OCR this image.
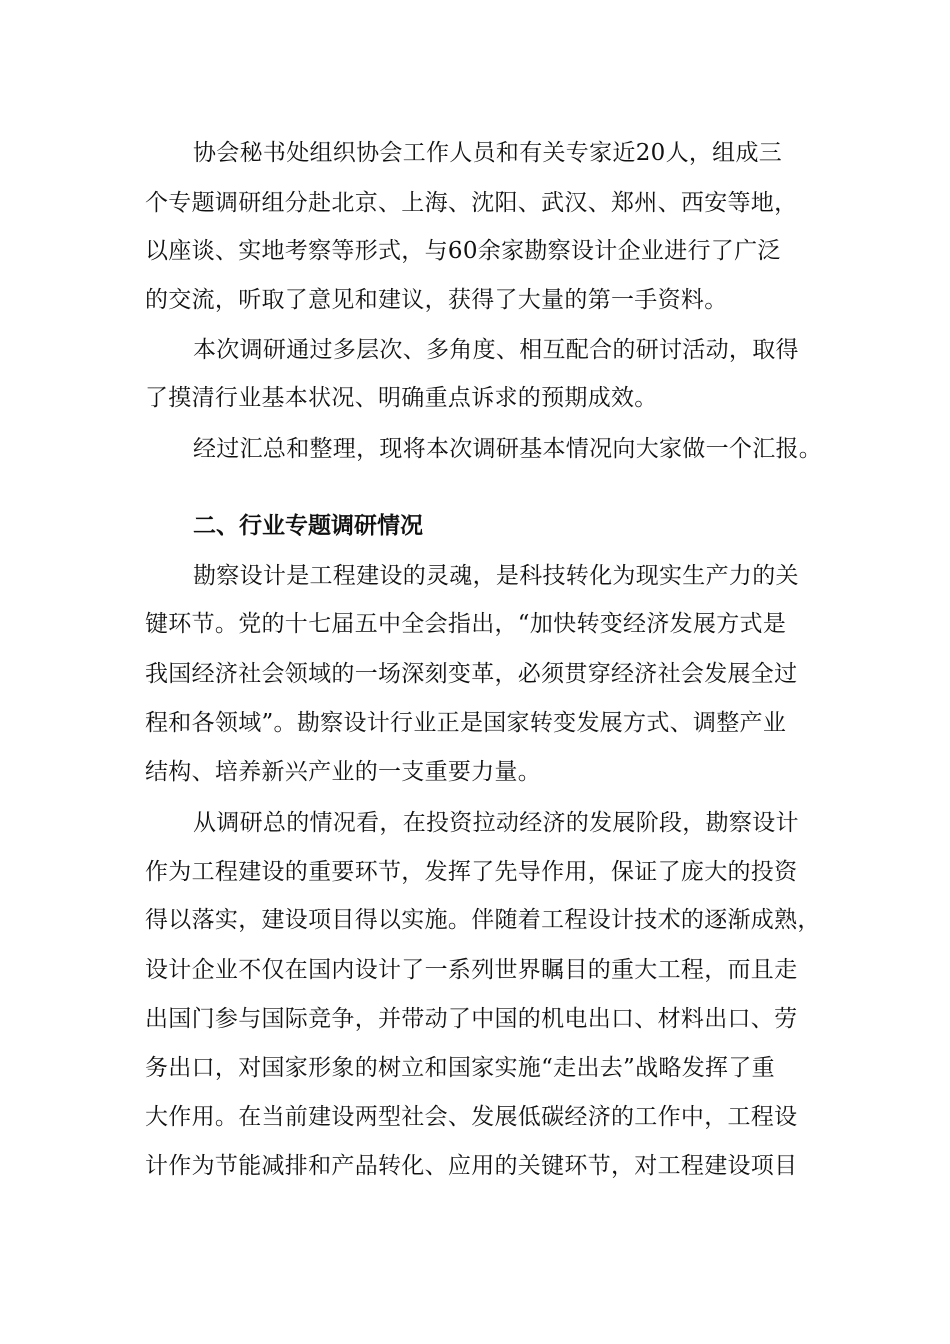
协会秘书处组织协会工作人员和有关专家近20人，组成三
个专题调研组分赴北京、上海、沈阳、武汉、郑州、西安等地，
以座谈、实地考察等形式，与60余家勘察设计企业进行了广泛
的交流，听取了意见和建议，获得了大量的第一手资料。
本次调研通过多层次、多角度、相互配合的研讨活动，取得
了摸清行业基本状况、明确重点诉求的预期成效。
经过汇总和整理，现将本次调研基本情况向大家做一个汇报。
二、行业专题调研情况
勘察设计是工程建设的灵魂，是科技转化为现实生产力的关
键环节。党的十七届五中全会指出，“加快转变经济发展方式是
我国经济社会领域的一场深刻变革，必须贯穿经济社会发展全过
程和各领域”。勘察设计行业正是国家转变发展方式、调整产业
结构、培养新兴产业的一支重要力量。
从调研总的情况看，在投资拉动经济的发展阶段，勘察设计
作为工程建设的重要环节，发挥了先导作用，保证了庞大的投资
得以落实，建设项目得以实施。伴随着工程设计技术的逐渐成熟，
设计企业不仅在国内设计了一系列世界瞩目的重大工程，而且走
出国门参与国际竞争，并带动了中国的机电出口、材料出口、劳
务出口，对国家形象的树立和国家实施“走出去”战略发挥了重
大作用。在当前建设两型社会、发展低碳经济的工作中，工程设
计作为节能减排和产品转化、应用的关键环节，对工程建设项目
